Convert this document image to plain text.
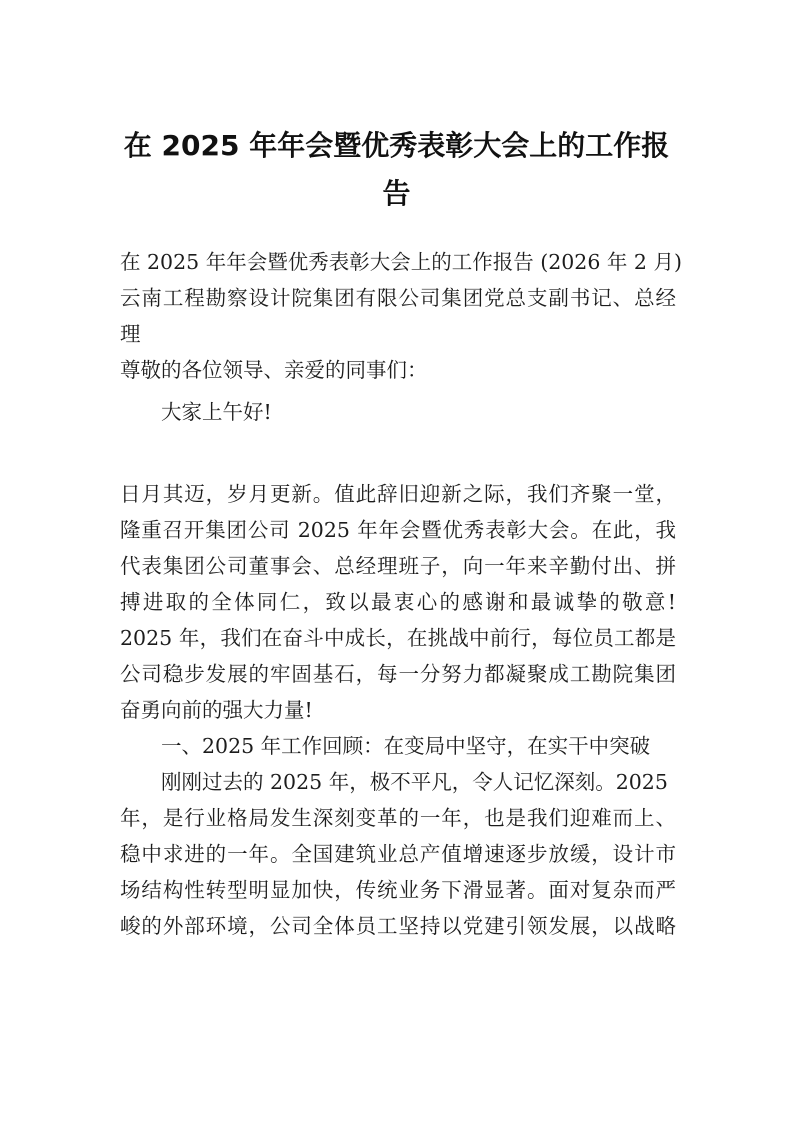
在 2025 年年会暨优秀表彰大会上的工作报
告
在 2025 年年会暨优秀表彰大会上的工作报告 (2026 年 2 月)
云南工程勘察设计院集团有限公司集团党总支副书记、总经
理
尊敬的各位领导、亲爱的同事们：
大家上午好!
日月其迈，岁月更新。值此辞旧迎新之际，我们齐聚一堂，
隆重召开集团公司 2025 年年会暨优秀表彰大会。在此，我
代表集团公司董事会、总经理班子，向一年来辛勤付出、拼
搏进取的全体同仁，致以最衷心的感谢和最诚挚的敬意!
2025 年，我们在奋斗中成长，在挑战中前行，每位员工都是
公司稳步发展的牢固基石，每一分努力都凝聚成工勘院集团
奋勇向前的强大力量!
一、2025 年工作回顾：在变局中坚守，在实干中突破
刚刚过去的 2025 年，极不平凡，令人记忆深刻。2025
年，是行业格局发生深刻变革的一年，也是我们迎难而上、
稳中求进的一年。全国建筑业总产值增速逐步放缓，设计市
场结构性转型明显加快，传统业务下滑显著。面对复杂而严
峻的外部环境，公司全体员工坚持以党建引领发展，以战略
